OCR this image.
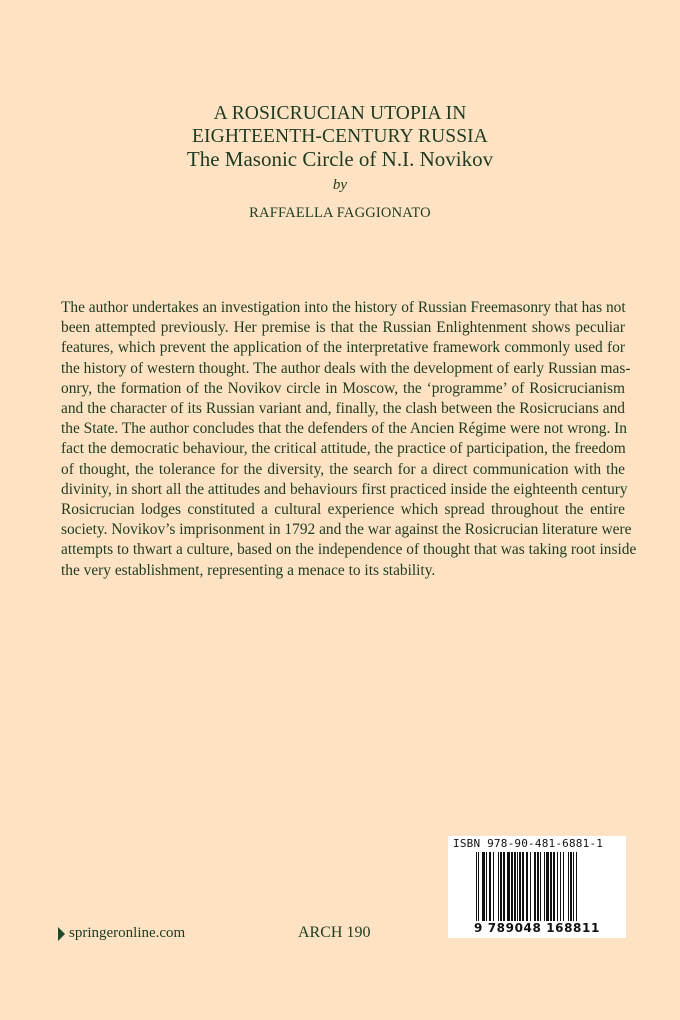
A ROSICRUCIAN UTOPIA IN
EIGHTEENTH-CENTURY RUSSIA
The Masonic Circle of N.I. Novikov
by
RAFFAELLA FAGGIONATO
The author undertakes an investigation into the history of Russian Freemasonry that has not
been attempted previously. Her premise is that the Russian Enlightenment shows peculiar
features, which prevent the application of the interpretative framework commonly used for
the history of western thought. The author deals with the development of early Russian mas-
onry, the formation of the Novikov circle in Moscow, the ‘programme’ of Rosicrucianism
and the character of its Russian variant and, finally, the clash between the Rosicrucians and
the State. The author concludes that the defenders of the Ancien Régime were not wrong. In
fact the democratic behaviour, the critical attitude, the practice of participation, the freedom
of thought, the tolerance for the diversity, the search for a direct communication with the
divinity, in short all the attitudes and behaviours first practiced inside the eighteenth century
Rosicrucian lodges constituted a cultural experience which spread throughout the entire
society. Novikov’s imprisonment in 1792 and the war against the Rosicrucian literature were
attempts to thwart a culture, based on the independence of thought that was taking root inside
the very establishment, representing a menace to its stability.
ISBN 978-90-481-6881-1
9 789048 168811
springeronline.com	ARCH 190
